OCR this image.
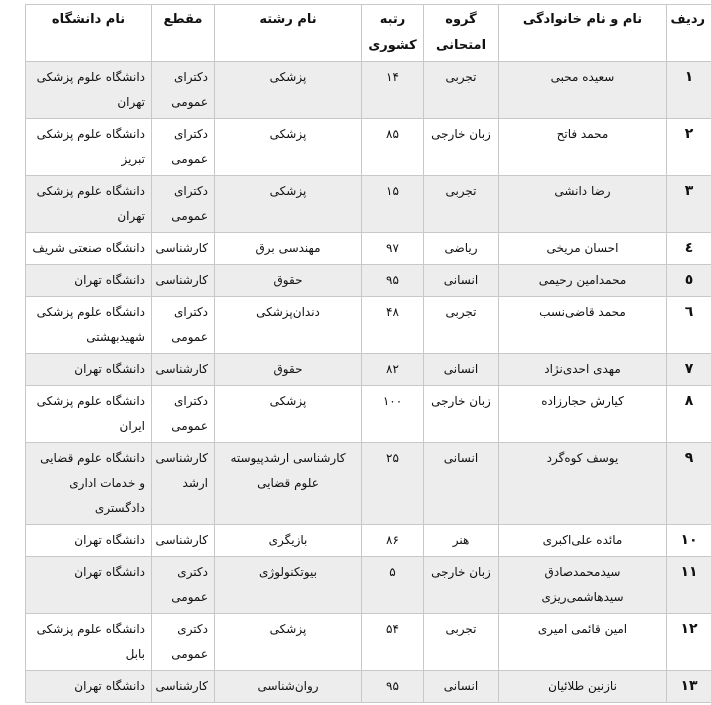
ردیف	نام و نام خانوادگی	گروه امتحانی	رتبه کشوری	نام رشته	مقطع	نام دانشگاه
۱	سعیده محبی	تجربی	۱۴	پزشکی	دکترای عمومی	دانشگاه علوم پزشکی تهران
۲	محمد فاتح	زبان خارجی	۸۵	پزشکی	دکترای عمومی	دانشگاه علوم پزشکی تبریز
۳	رضا دانشی	تجربی	۱۵	پزشکی	دکترای عمومی	دانشگاه علوم پزشکی تهران
٤	احسان مریخی	ریاضی	۹۷	مهندسی برق	کارشناسی	دانشگاه صنعتی شریف
٥	محمدامین رحیمی	انسانی	۹۵	حقوق	کارشناسی	دانشگاه تهران
٦	محمد قاضی‌نسب	تجربی	۴۸	دندان‌پزشکی	دکترای عمومی	دانشگاه علوم پزشکی شهیدبهشتی
۷	مهدی احدی‌نژاد	انسانی	۸۲	حقوق	کارشناسی	دانشگاه تهران
۸	کیارش حجارزاده	زبان خارجی	۱۰۰	پزشکی	دکترای عمومی	دانشگاه علوم پزشکی ایران
۹	یوسف کوه‌گرد	انسانی	۲۵	کارشناسی ارشدپیوسته علوم قضایی	کارشناسی ارشد	دانشگاه علوم قضایی و خدمات اداری دادگستری
۱۰	مائده علی‌اکبری	هنر	۸۶	بازیگری	کارشناسی	دانشگاه تهران
۱۱	سیدمحمدصادق سیدهاشمی‌ریزی	زبان خارجی	۵	بیوتکنولوژی	دکتری عمومی	دانشگاه تهران
۱۲	امین قائمی امیری	تجربی	۵۴	پزشکی	دکتری عمومی	دانشگاه علوم پزشکی بابل
۱۳	نازنین طلائیان	انسانی	۹۵	روان‌شناسی	کارشناسی	دانشگاه تهران
